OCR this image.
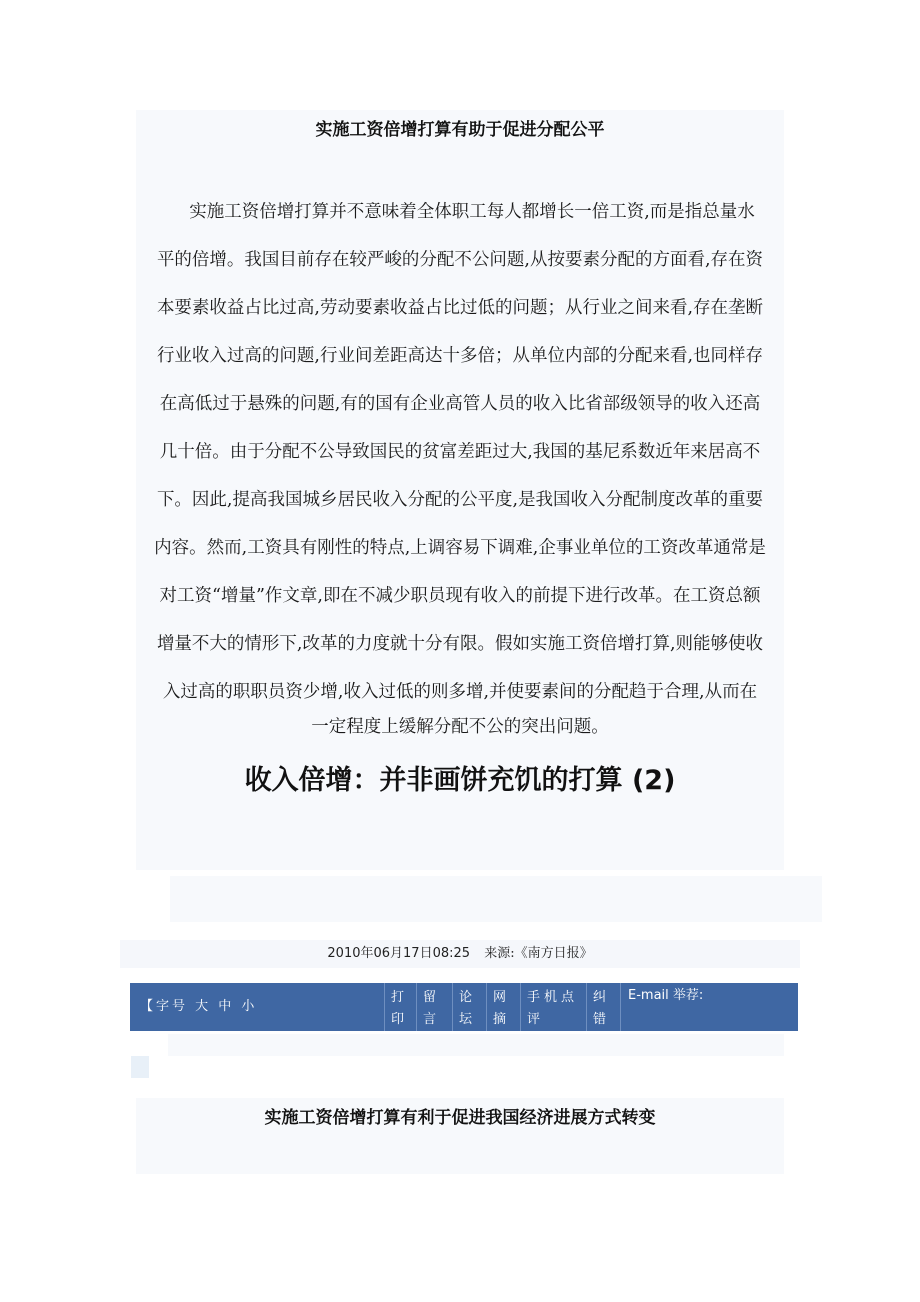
实施工资倍增打算有助于促进分配公平
实施工资倍增打算并不意味着全体职工每人都增长一倍工资,而是指总量水
平的倍增。我国目前存在较严峻的分配不公问题,从按要素分配的方面看,存在资
本要素收益占比过高,劳动要素收益占比过低的问题；从行业之间来看,存在垄断
行业收入过高的问题,行业间差距高达十多倍；从单位内部的分配来看,也同样存
在高低过于悬殊的问题,有的国有企业高管人员的收入比省部级领导的收入还高
几十倍。由于分配不公导致国民的贫富差距过大,我国的基尼系数近年来居高不
下。因此,提高我国城乡居民收入分配的公平度,是我国收入分配制度改革的重要
内容。然而,工资具有刚性的特点,上调容易下调难,企事业单位的工资改革通常是
对工资“增量”作文章,即在不减少职员现有收入的前提下进行改革。在工资总额
增量不大的情形下,改革的力度就十分有限。假如实施工资倍增打算,则能够使收
入过高的职职员资少增,收入过低的则多增,并使要素间的分配趋于合理,从而在
一定程度上缓解分配不公的突出问题。
收入倍增：并非画饼充饥的打算 (2)
2010年06月17日08:25 来源:《南方日报》
【字号 大 中 小
打
印
留
言
论
坛
网
摘
手机点
评
纠
错
E-mail 举荐:
实施工资倍增打算有利于促进我国经济进展方式转变
